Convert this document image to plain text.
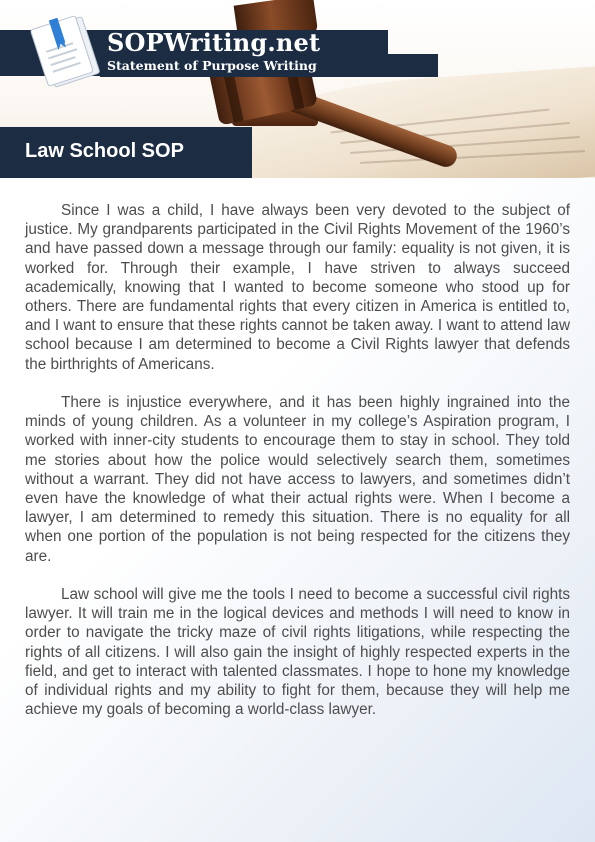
SOPWriting.net
Statement of Purpose Writing
Law School SOP

Since I was a child, I have always been very devoted to the subject of justice. My grandparents participated in the Civil Rights Movement of the 1960’s and have passed down a message through our family: equality is not given, it is worked for. Through their example, I have striven to always succeed academically, knowing that I wanted to become someone who stood up for others. There are fundamental rights that every citizen in America is entitled to, and I want to ensure that these rights cannot be taken away. I want to attend law school because I am determined to become a Civil Rights lawyer that defends the birthrights of Americans.

There is injustice everywhere, and it has been highly ingrained into the minds of young children. As a volunteer in my college’s Aspiration program, I worked with inner-city students to encourage them to stay in school. They told me stories about how the police would selectively search them, sometimes without a warrant. They did not have access to lawyers, and sometimes didn’t even have the knowledge of what their actual rights were. When I become a lawyer, I am determined to remedy this situation. There is no equality for all when one portion of the population is not being respected for the citizens they are.

Law school will give me the tools I need to become a successful civil rights lawyer. It will train me in the logical devices and methods I will need to know in order to navigate the tricky maze of civil rights litigations, while respecting the rights of all citizens. I will also gain the insight of highly respected experts in the field, and get to interact with talented classmates. I hope to hone my knowledge of individual rights and my ability to fight for them, because they will help me achieve my goals of becoming a world-class lawyer.
